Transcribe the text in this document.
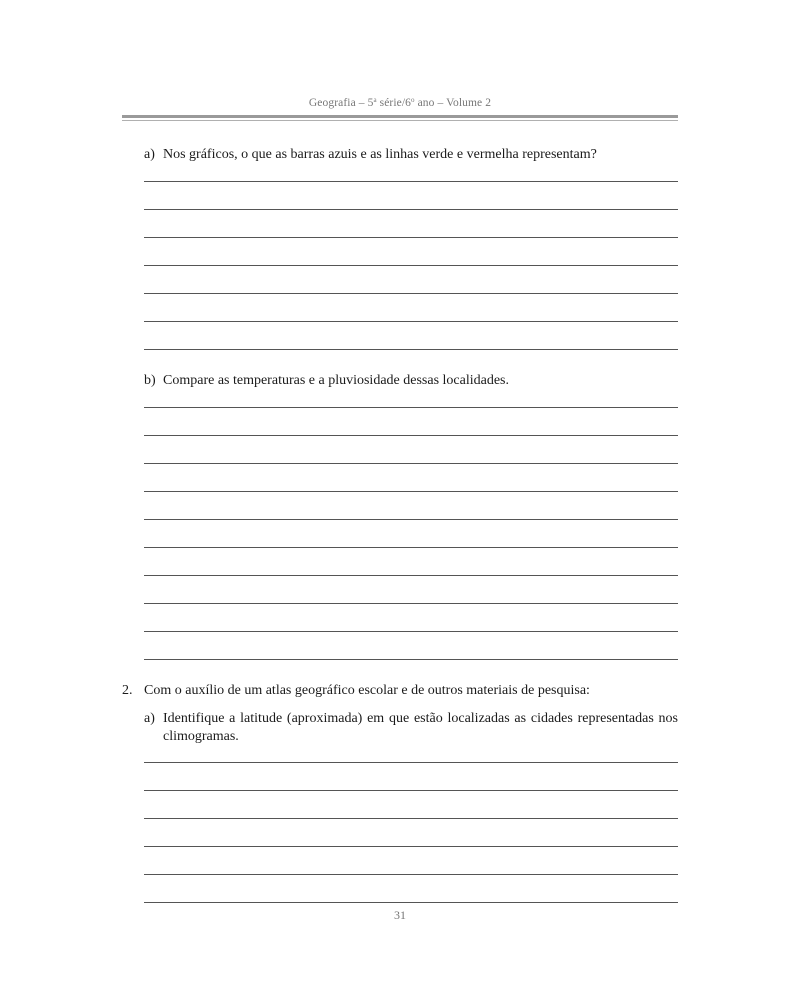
Geografia – 5$^a$ série/6$^o$ ano – Volume 2
a) Nos gráficos, o que as barras azuis e as linhas verde e vermelha representam?
b) Compare as temperaturas e a pluviosidade dessas localidades.
2. Com o auxílio de um atlas geográfico escolar e de outros materiais de pesquisa:
a) Identifique a latitude (aproximada) em que estão localizadas as cidades representadas nos climogramas.
31
